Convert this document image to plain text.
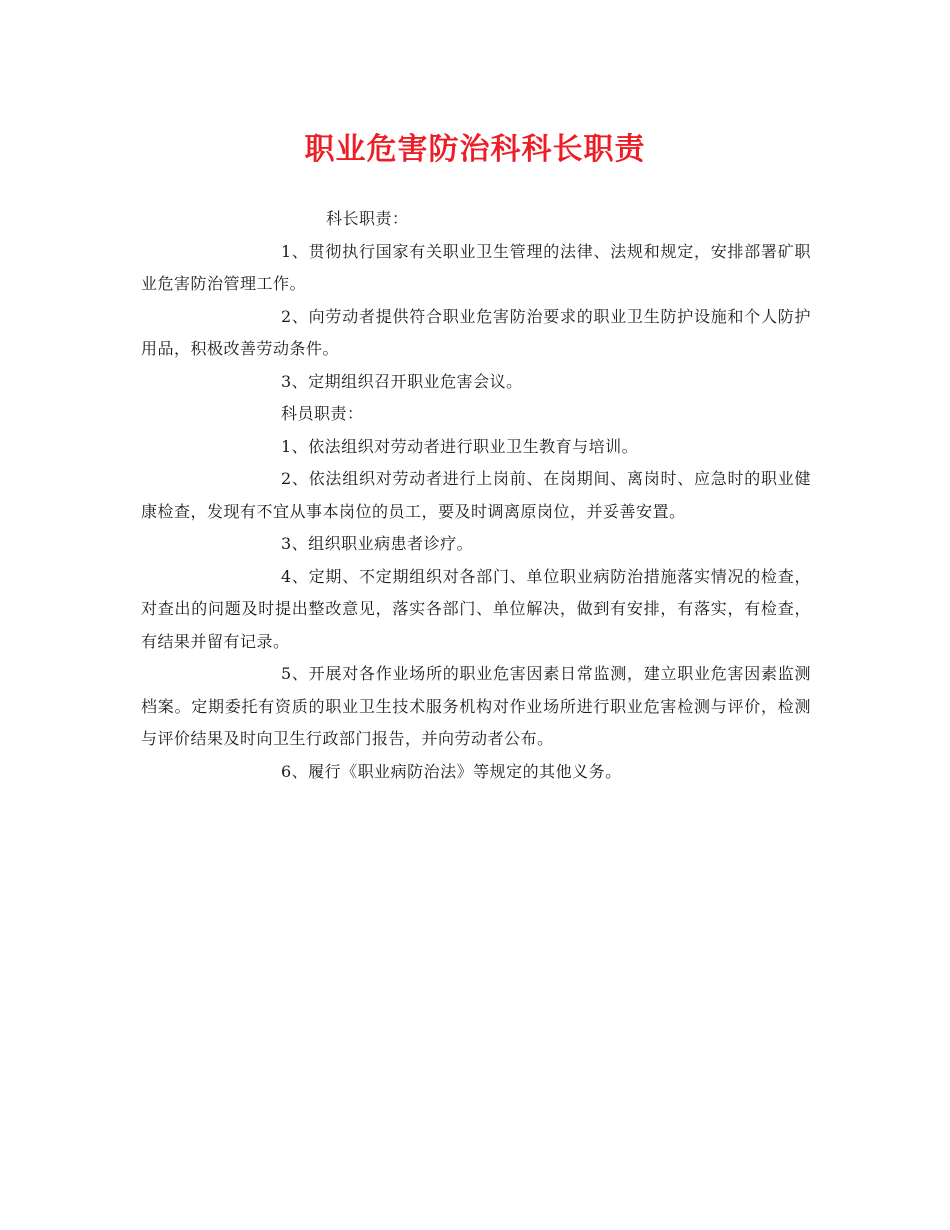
职业危害防治科科长职责

科长职责：

1、贯彻执行国家有关职业卫生管理的法律、法规和规定，安排部署矿职业危害防治管理工作。

2、向劳动者提供符合职业危害防治要求的职业卫生防护设施和个人防护用品，积极改善劳动条件。

3、定期组织召开职业危害会议。

科员职责：

1、依法组织对劳动者进行职业卫生教育与培训。

2、依法组织对劳动者进行上岗前、在岗期间、离岗时、应急时的职业健康检查，发现有不宜从事本岗位的员工，要及时调离原岗位，并妥善安置。

3、组织职业病患者诊疗。

4、定期、不定期组织对各部门、单位职业病防治措施落实情况的检查，对查出的问题及时提出整改意见，落实各部门、单位解决，做到有安排，有落实，有检查，有结果并留有记录。

5、开展对各作业场所的职业危害因素日常监测，建立职业危害因素监测档案。定期委托有资质的职业卫生技术服务机构对作业场所进行职业危害检测与评价，检测与评价结果及时向卫生行政部门报告，并向劳动者公布。

6、履行《职业病防治法》等规定的其他义务。
